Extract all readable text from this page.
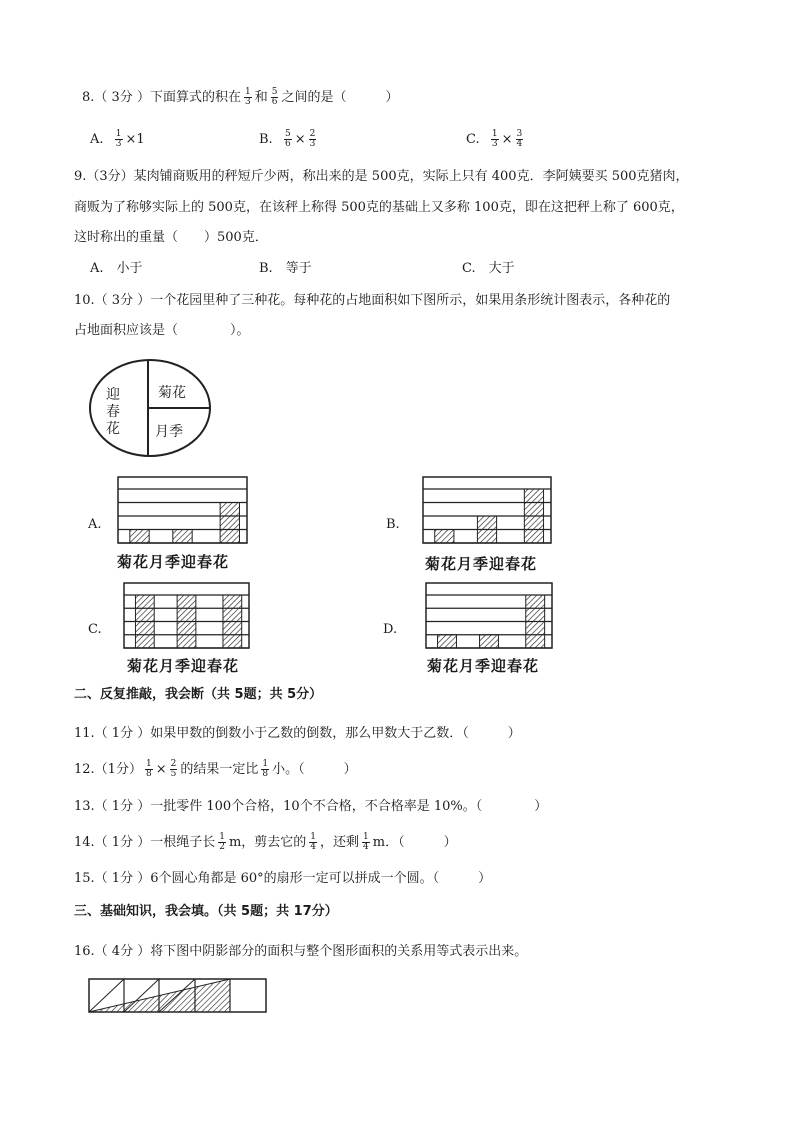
8.（ 3分 ）下面算式的积在 $\frac{1}{3}$ 和 $\frac{5}{6}$ 之间的是（　　　）
A. $\frac{1}{3} \times 1$	B. $\frac{5}{6} \times \frac{2}{3}$	C. $\frac{1}{3} \times \frac{3}{4}$
9.（3分）某肉铺商贩用的秤短斤少两，称出来的是 500克，实际上只有 400克．李阿姨要买 500克猪肉，
商贩为了称够实际上的 500克，在该秤上称得 500克的基础上又多称 100克，即在这把秤上称了 600克，
这时称出的重量（　　）500克．
A.　小于	B.　等于	C.　大于
10.（ 3分 ）一个花园里种了三种花。每种花的占地面积如下图所示，如果用条形统计图表示，各种花的
占地面积应该是（　　　　）。
迎
春
花
菊花
月季
A.
菊花月季迎春花
B.
菊花月季迎春花
C.
菊花月季迎春花
D.
菊花月季迎春花
二、反复推敲，我会断（共 5题；共 5分）
11.（ 1分 ）如果甲数的倒数小于乙数的倒数，那么甲数大于乙数．（　　　）
12.（1分） $\frac{1}{8} \times \frac{2}{5}$ 的结果一定比 $\frac{1}{8}$ 小。（　　　）
13.（ 1分 ）一批零件 100个合格，10个不合格，不合格率是 10%。（　　　　）
14.（ 1分 ）一根绳子长 $\frac{1}{2}$ m，剪去它的 $\frac{1}{4}$ ，还剩 $\frac{1}{4}$ m．（　　　）
15.（ 1分 ）6个圆心角都是 60°的扇形一定可以拼成一个圆。（　　　）
三、基础知识，我会填。（共 5题；共 17分）
16.（ 4分 ）将下图中阴影部分的面积与整个图形面积的关系用等式表示出来。
